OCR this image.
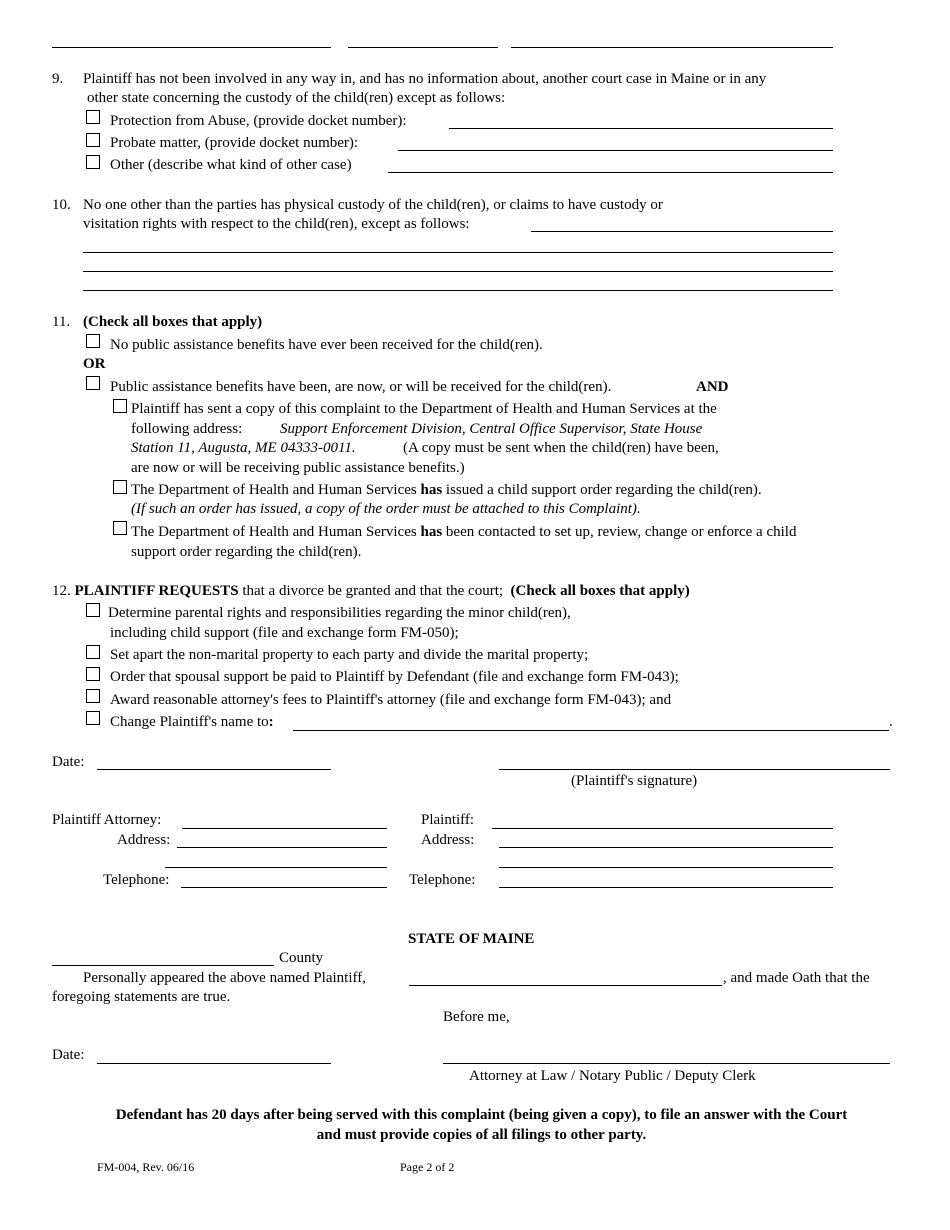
9. Plaintiff has not been involved in any way in, and has no information about, another court case in Maine or in any
other state concerning the custody of the child(ren) except as follows:
Protection from Abuse, (provide docket number):
Probate matter, (provide docket number):
Other (describe what kind of other case)
10. No one other than the parties has physical custody of the child(ren), or claims to have custody or
visitation rights with respect to the child(ren), except as follows:
11. (Check all boxes that apply)
No public assistance benefits have ever been received for the child(ren).
OR
Public assistance benefits have been, are now, or will be received for the child(ren).	AND
Plaintiff has sent a copy of this complaint to the Department of Health and Human Services at the
following address:	Support Enforcement Division, Central Office Supervisor, State House
Station 11, Augusta, ME 04333-0011.	(A copy must be sent when the child(ren) have been,
are now or will be receiving public assistance benefits.)
The Department of Health and Human Services has issued a child support order regarding the child(ren).
(If such an order has issued, a copy of the order must be attached to this Complaint).
The Department of Health and Human Services has been contacted to set up, review, change or enforce a child
support order regarding the child(ren).
12. PLAINTIFF REQUESTS that a divorce be granted and that the court; (Check all boxes that apply)
Determine parental rights and responsibilities regarding the minor child(ren),
including child support (file and exchange form FM-050);
Set apart the non-marital property to each party and divide the marital property;
Order that spousal support be paid to Plaintiff by Defendant (file and exchange form FM-043);
Award reasonable attorney's fees to Plaintiff's attorney (file and exchange form FM-043); and
Change Plaintiff's name to:	.
Date:
(Plaintiff's signature)
Plaintiff Attorney:
Address:
Telephone:
Plaintiff:
Address:
Telephone:
STATE OF MAINE
County
Personally appeared the above named Plaintiff,	, and made Oath that the
foregoing statements are true.
Before me,
Date:
Attorney at Law / Notary Public / Deputy Clerk
Defendant has 20 days after being served with this complaint (being given a copy), to file an answer with the Court
and must provide copies of all filings to other party.
FM-004, Rev. 06/16	Page 2 of 2
